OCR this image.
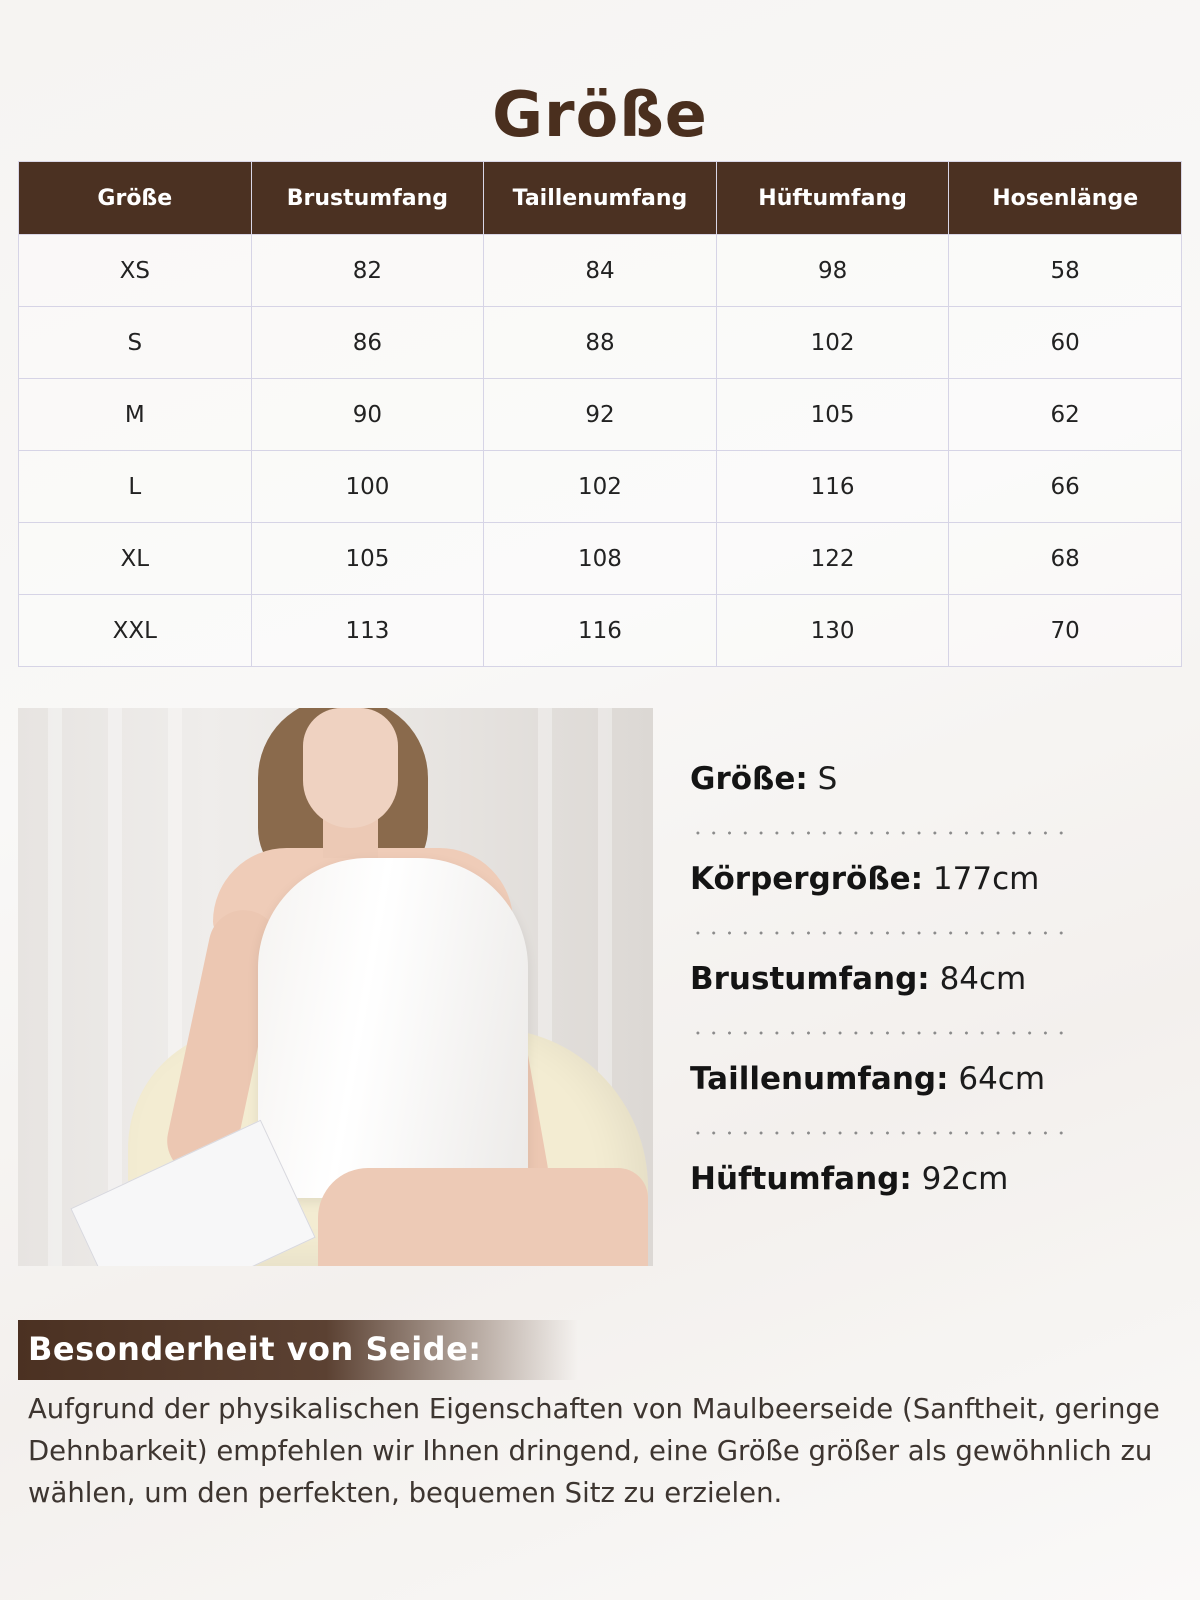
Größe
Größe	Brustumfang	Taillenumfang	Hüftumfang	Hosenlänge
XS	82	84	98	58
S	86	88	102	60
M	90	92	105	62
L	100	102	116	66
XL	105	108	122	68
XXL	113	116	130	70
Größe: S
Körpergröße: 177cm
Brustumfang: 84cm
Taillenumfang: 64cm
Hüftumfang: 92cm
Besonderheit von Seide:

Aufgrund der physikalischen Eigenschaften von Maulbeerseide (Sanftheit, geringe Dehnbarkeit) empfehlen wir Ihnen dringend, eine Größe größer als gewöhnlich zu wählen, um den perfekten, bequemen Sitz zu erzielen.
